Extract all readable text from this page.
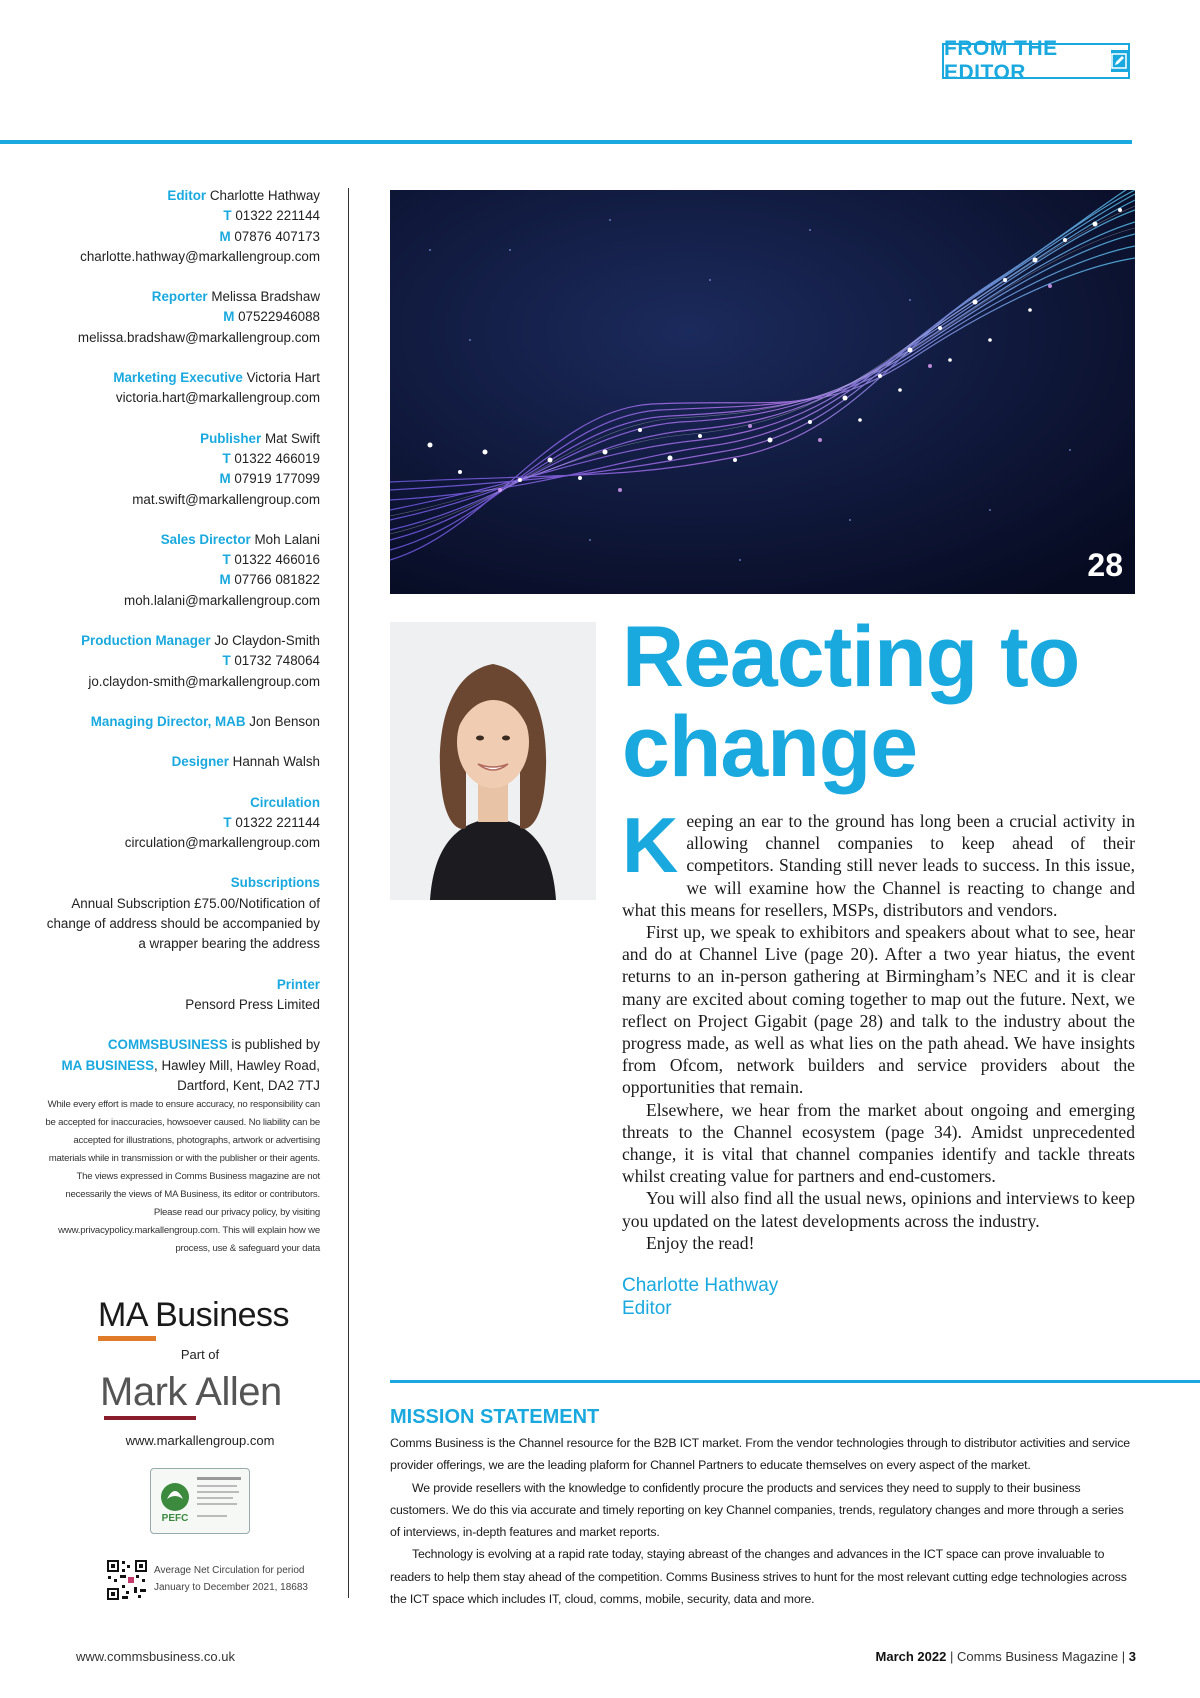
FROM THE EDITOR
Editor Charlotte Hathway
T 01322 221144
M 07876 407173
charlotte.hathway@markallengroup.com
Reporter Melissa Bradshaw
M 07522946088
melissa.bradshaw@markallengroup.com
Marketing Executive Victoria Hart
victoria.hart@markallengroup.com
Publisher Mat Swift
T 01322 466019
M 07919 177099
mat.swift@markallengroup.com
Sales Director Moh Lalani
T 01322 466016
M 07766 081822
moh.lalani@markallengroup.com
Production Manager Jo Claydon-Smith
T 01732 748064
jo.claydon-smith@markallengroup.com
Managing Director, MAB Jon Benson
Designer Hannah Walsh
Circulation
T 01322 221144
circulation@markallengroup.com
Subscriptions
Annual Subscription £75.00/Notification of change of address should be accompanied by a wrapper bearing the address
Printer
Pensord Press Limited
COMMSBUSINESS is published by
MA BUSINESS, Hawley Mill, Hawley Road, Dartford, Kent, DA2 7TJ
While every effort is made to ensure accuracy, no responsibility can be accepted for inaccuracies, howsoever caused. No liability can be accepted for illustrations, photographs, artwork or advertising materials while in transmission or with the publisher or their agents. The views expressed in Comms Business magazine are not necessarily the views of MA Business, its editor or contributors. Please read our privacy policy, by visiting www.privacypolicy.markallengroup.com. This will explain how we process, use & safeguard your data
MA Business
Part of
Mark Allen
www.markallengroup.com
PEFC
Average Net Circulation for period January to December 2021, 18683
28
Reacting to change

Keeping an ear to the ground has long been a crucial activity in allowing channel companies to keep ahead of their competitors. Standing still never leads to success. In this issue, we will examine how the Channel is reacting to change and what this means for resellers, MSPs, distributors and vendors.

First up, we speak to exhibitors and speakers about what to see, hear and do at Channel Live (page 20). After a two year hiatus, the event returns to an in-person gathering at Birmingham’s NEC and it is clear many are excited about coming together to map out the future. Next, we reflect on Project Gigabit (page 28) and talk to the industry about the progress made, as well as what lies on the path ahead. We have insights from Ofcom, network builders and service providers about the opportunities that remain.

Elsewhere, we hear from the market about ongoing and emerging threats to the Channel ecosystem (page 34). Amidst unprecedented change, it is vital that channel companies identify and tackle threats whilst creating value for partners and end-customers.

You will also find all the usual news, opinions and interviews to keep you updated on the latest developments across the industry.

Enjoy the read!

Charlotte Hathway
Editor
MISSION STATEMENT

Comms Business is the Channel resource for the B2B ICT market. From the vendor technologies through to distributor activities and service provider offerings, we are the leading plaform for Channel Partners to educate themselves on every aspect of the market.

We provide resellers with the knowledge to confidently procure the products and services they need to supply to their business customers. We do this via accurate and timely reporting on key Channel companies, trends, regulatory changes and more through a series of interviews, in-depth features and market reports.

Technology is evolving at a rapid rate today, staying abreast of the changes and advances in the ICT space can prove invaluable to readers to help them stay ahead of the competition. Comms Business strives to hunt for the most relevant cutting edge technologies across the ICT space which includes IT, cloud, comms, mobile, security, data and more.

www.commsbusiness.co.uk	March 2022 | Comms Business Magazine | 3
